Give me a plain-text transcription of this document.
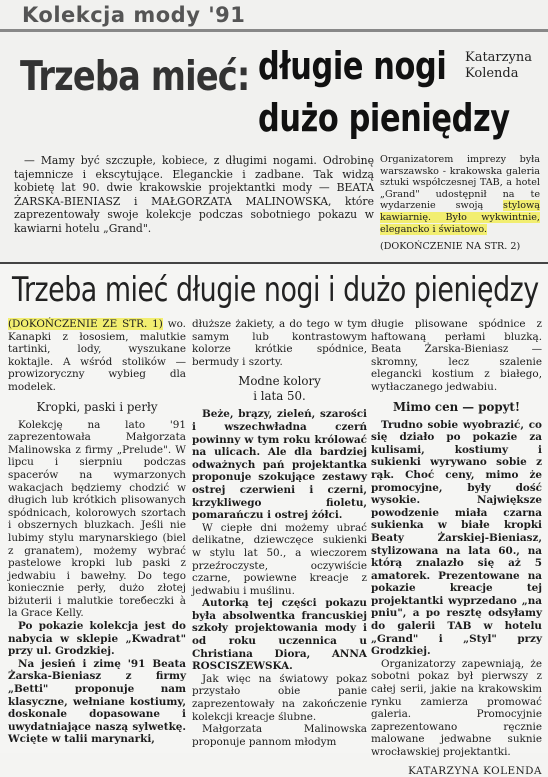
Kolekcja mody '91
Trzeba mieć: długie nogi
dużo pieniędzy
Katarzyna
Kolenda

— Mamy być szczupłe, kobiece, z długimi nogami. Odrobinę tajemnicze i ekscytujące. Eleganckie i zadbane. Tak widzą kobietę lat 90. dwie krakowskie projektantki mody — BEATA ŻARSKA-BIENIASZ i MAŁGORZATA MALINOWSKA, które zaprezentowały swoje kolekcje podczas sobotniego pokazu w kawiarni hotelu „Grand".

Organizatorem imprezy była warszawsko - krakowska galeria sztuki współczesnej TAB, a hotel „Grand" udostępnił na te wydarzenie swoją stylową kawiarnię. Było wykwintnie, elegancko i światowo.
(DOKOŃCZENIE NA STR. 2)
Trzeba mieć długie nogi i dużo pieniędzy
(DOKOŃCZENIE ZE STR. 1) wo. Kanapki z łososiem, malutkie tartinki, lody, wyszukane koktajle. A wśród stolików — prowizoryczny wybieg dla modelek.
Kropki, paski i perły

Kolekcję na lato '91 zaprezentowała Małgorzata Malinowska z firmy „Prelude". W lipcu i sierpniu podczas spacerów na wymarzonych wakacjach będziemy chodzić w długich lub krótkich plisowanych spódnicach, kolorowych szortach i obszernych bluzkach. Jeśli nie lubimy stylu marynarskiego (biel z granatem), możemy wybrać pastelowe kropki lub paski z jedwabiu i bawełny. Do tego koniecznie perły, dużo złotej biżuterii i malutkie toreбeczki à la Grace Kelly.

Po pokazie kolekcja jest do nabycia w sklepie „Kwadrat" przy ul. Grodzkiej.

Na jesień i zimę '91 Beata Żarska-Bieniasz z firmy „Betti" proponuje nam klasyczne, wełniane kostiumy, doskonale dopasowane i uwydatniające naszą sylwetkę. Wcięte w talii marynarki,

dłuższe żakiety, a do tego w tym samym lub kontrastowym kolorze krótkie spódnice, bermudy i szorty.
Modne kolory
i lata 50.

Beże, brązy, zieleń, szarości i wszechwładna czerń powinny w tym roku królować na ulicach. Ale dla bardziej odważnych pań projektantka proponuje szokujące zestawy ostrej czerwieni i czerni, krzykliwego fioletu, pomarańczu i ostrej żółci.

W ciepłe dni możemy ubrać delikatne, dziewczęce sukienki w stylu lat 50., a wieczorem przeźroczyste, oczywiście czarne, powiewne kreacje z jedwabiu i muślinu.

Autorką tej części pokazu była absolwentka francuskiej szkoły projektowania mody i od roku uczennica u Christiana Diora, ANNA ROSCISZEWSKA.

Jak więc na światowy pokaz przystało obie panie zaprezentowały na zakończenie kolekcji kreacje ślubne.

Małgorzata Malinowska proponuje pannom młodym

długie plisowane spódnice z haftowaną perłami bluzką. Beata Żarska-Bieniasz — skromny, lecz szalenie elegancki kostium z białego, wytłaczanego jedwabiu.
Mimo cen — popyt!

Trudno sobie wyobrazić, co się działo po pokazie za kulisami, kostiumy i sukienki wyrywano sobie z rąk. Choć ceny, mimo że promocyjne, były dość wysokie. Największe powodzenie miała czarna sukienka w białe kropki Beaty Żarskiej-Bieniasz, stylizowana na lata 60., na którą znalazło się aż 5 amatorek. Prezentowane na pokazie kreacje tej projektantki wyprzedano „na pniu", a po resztę odsyłamy do galerii TAB w hotelu „Grand" i „Styl" przy Grodzkiej.

Organizatorzy zapewniają, że sobotni pokaz był pierwszy z całej serii, jakie na krakowskim rynku zamierza promować galeria. Promocyjnie zaprezentowano ręcznie malowane jedwabne suknie wrocławskiej projektantki.

KATARZYNA KOLENDA
